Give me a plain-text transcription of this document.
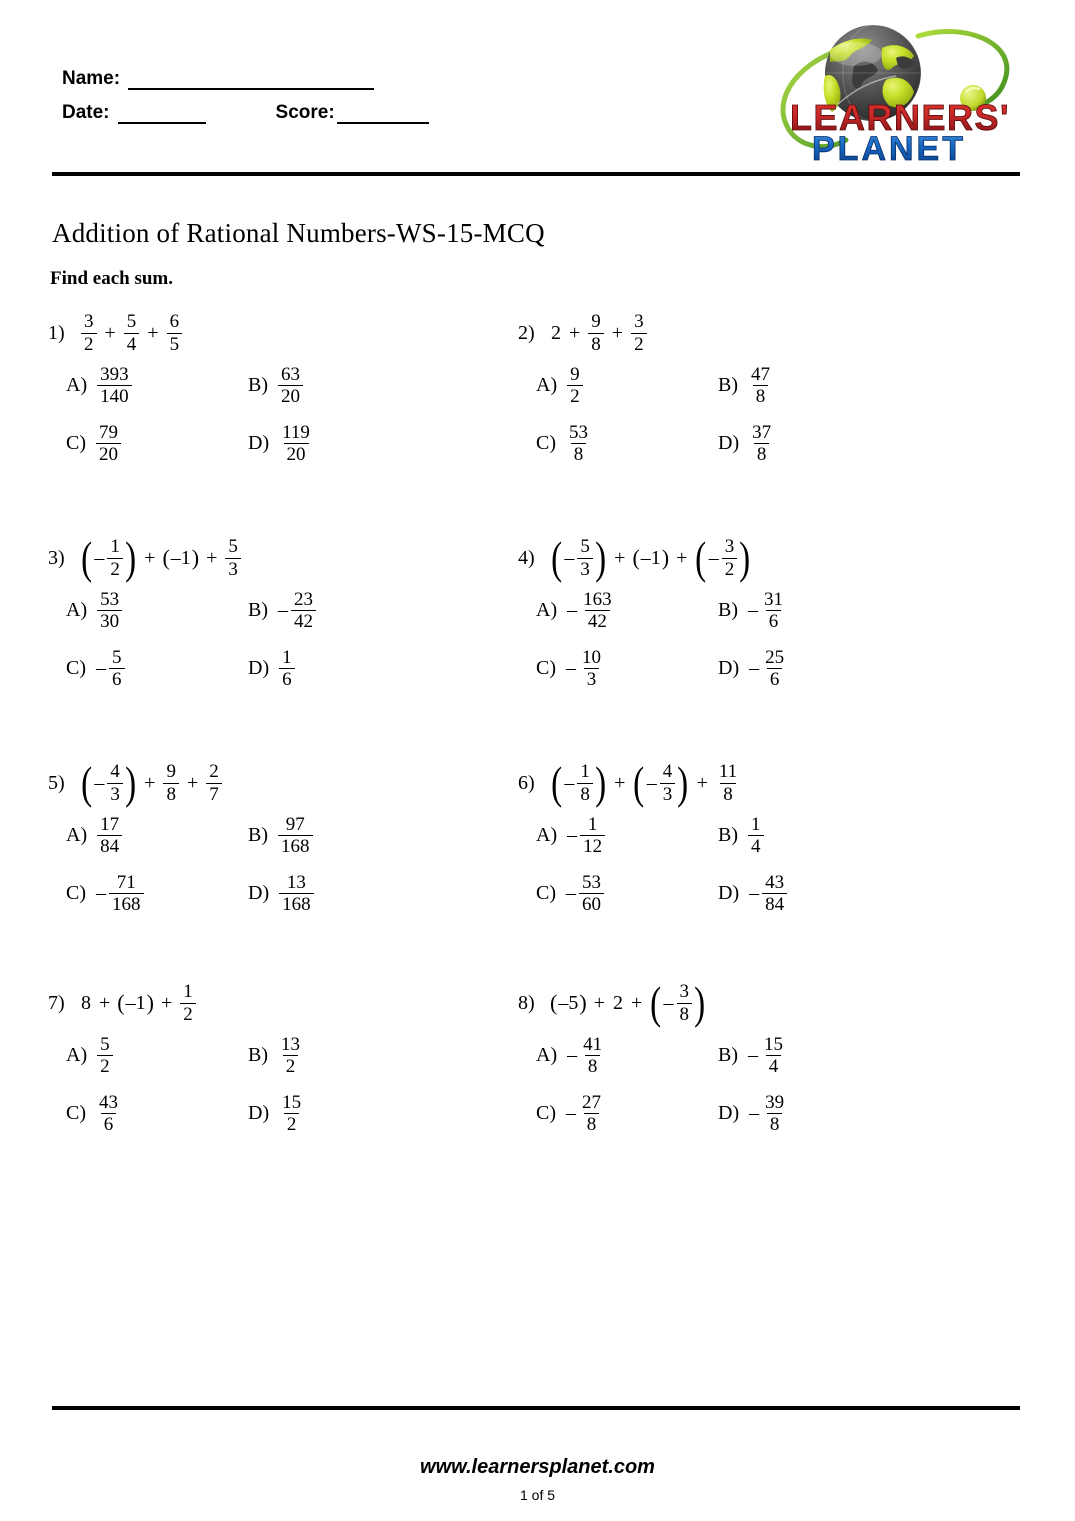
Name:
Date:	Score:	LEARNERS'
PLANET
Addition of Rational Numbers-WS-15-MCQ
Find each sum.
$1) \frac{3}{2} + \frac{5}{4} + \frac{6}{5}$
$A) \frac{393}{140}$	$B) \frac{63}{20}$
$C) \frac{79}{20}$	$D) \frac{119}{20}$
2) $2 + \frac{9}{8} + \frac{3}{2}$
$A) \frac{9}{2}$	$B) \frac{47}{8}$
$C) \frac{53}{8}$	$D) \frac{37}{8}$
3) ( – $\frac{1}{2}$ ) + ( –1 ) + $\frac{5}{3}$
$A) \frac{53}{30}$	$B) - \frac{23}{42}$
$C) - \frac{5}{6}$	$D) \frac{1}{6}$
4) ( – $\frac{5}{3}$ ) + ( –1 ) + ( – $\frac{3}{2}$ )
$A) - \frac{163}{42}$	$B) - \frac{31}{6}$
$C) - \frac{10}{3}$	$D) - \frac{25}{6}$
5) ( – $\frac{4}{3}$ ) + $\frac{9}{8} + \frac{2}{7}$
$A) \frac{17}{84}$	$B) \frac{97}{168}$
$C) - \frac{71}{168}$	$D) \frac{13}{168}$
6) ( – $\frac{1}{8}$ ) + ( – $\frac{4}{3}$ ) + $\frac{11}{8}$
$A) - \frac{1}{12}$	$B) \frac{1}{4}$
$C) - \frac{53}{60}$	$D) - \frac{43}{84}$
7) 8 + ( –1 ) + $\frac{1}{2}$
$A) \frac{5}{2}$	$B) \frac{13}{2}$
$C) \frac{43}{6}$	$D) \frac{15}{2}$
8) ( –5 ) + 2 + ( – $\frac{3}{8}$ )
$A) - \frac{41}{8}$	$B) - \frac{15}{4}$
$C) - \frac{27}{8}$	$D) - \frac{39}{8}$
www.learnersplanet.com
1 of 5
